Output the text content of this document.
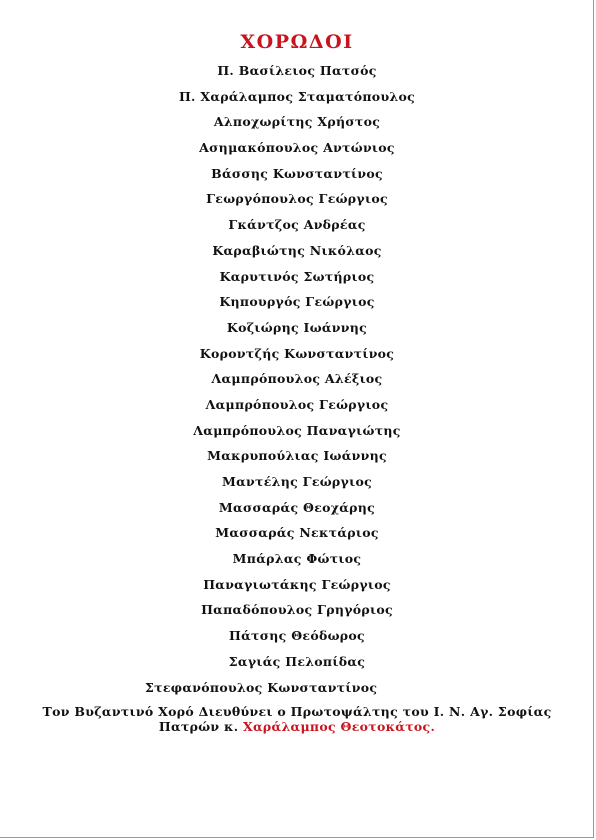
ΧΟΡΩΔΟΙ
Π. Βασίλειος Πατσός
Π. Χαράλαμπος Σταματόπουλος
Αλποχωρίτης Χρήστος
Ασημακόπουλος Αντώνιος
Βάσσης Κωνσταντίνος
Γεωργόπουλος Γεώργιος
Γκάντζος Ανδρέας
Καραβιώτης Νικόλαος
Καρυτινός Σωτήριος
Κηπουργός Γεώργιος
Κοζιώρης Ιωάννης
Κοροντζής Κωνσταντίνος
Λαμπρόπουλος Αλέξιος
Λαμπρόπουλος Γεώργιος
Λαμπρόπουλος Παναγιώτης
Μακρυπούλιας Ιωάννης
Μαντέλης Γεώργιος
Μασσαράς Θεοχάρης
Μασσαράς Νεκτάριος
Μπάρλας Φώτιος
Παναγιωτάκης Γεώργιος
Παπαδόπουλος Γρηγόριος
Πάτσης Θεόδωρος
Σαγιάς Πελοπίδας
Στεφανόπουλος Κωνσταντίνος
Τον Βυζαντινό Χορό Διευθύνει ο Πρωτοψάλτης του Ι. Ν. Αγ. Σοφίας
Πατρών κ. Χαράλαμπος Θεοτοκάτος.
